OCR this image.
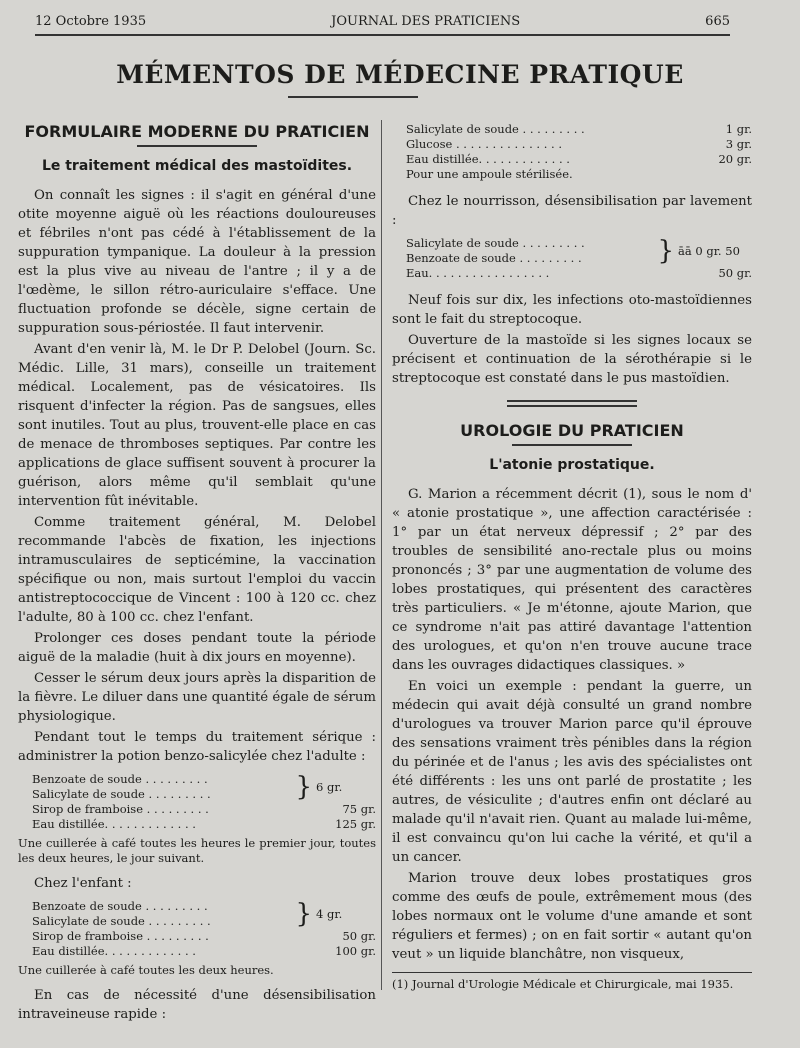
12 Octobre 1935	JOURNAL DES PRATICIENS	665
MÉMENTOS DE MÉDECINE PRATIQUE
FORMULAIRE MODERNE DU PRATICIEN
Le traitement médical des mastoïdites.

On connaît les signes : il s'agit en général d'une otite moyenne aiguë où les réactions douloureuses et fébriles n'ont pas cédé à l'établissement de la suppuration tympanique. La douleur à la pression est la plus vive au niveau de l'antre ; il y a de l'œdème, le sillon rétro-auriculaire s'efface. Une fluctuation profonde se décèle, signe certain de suppuration sous-périostée. Il faut intervenir.

Avant d'en venir là, M. le Dr P. Delobel (Journ. Sc. Médic. Lille, 31 mars), conseille un traitement médical. Localement, pas de vésicatoires. Ils risquent d'infecter la région. Pas de sangsues, elles sont inutiles. Tout au plus, trouvent-elle place en cas de menace de thromboses septiques. Par contre les applications de glace suffisent souvent à procurer la guérison, alors même qu'il semblait qu'une intervention fût inévitable.

Comme traitement général, M. Delobel recommande l'abcès de fixation, les injections intramusculaires de septicémine, la vaccination spécifique ou non, mais surtout l'emploi du vaccin antistreptococcique de Vincent : 100 à 120 cc. chez l'adulte, 80 à 100 cc. chez l'enfant.

Prolonger ces doses pendant toute la période aiguë de la maladie (huit à dix jours en moyenne).

Cesser le sérum deux jours après la disparition de la fièvre. Le diluer dans une quantité égale de sérum physiologique.

Pendant tout le temps du traitement sérique : administrer la potion benzo-salicylée chez l'adulte :

Benzoate de soude . . . . . . . . .
Salicylate de soude . . . . . . . . .	} 6 gr.
Sirop de framboise . . . . . . . . .	75 gr.
Eau distillée. . . . . . . . . . . . .	125 gr.
Une cuillerée à café toutes les heures le premier jour, toutes les deux heures, le jour suivant.

Chez l'enfant :

Benzoate de soude . . . . . . . . .
Salicylate de soude . . . . . . . . .	} 4 gr.
Sirop de framboise . . . . . . . . .	50 gr.
Eau distillée. . . . . . . . . . . . .	100 gr.
Une cuillerée à café toutes les deux heures.

En cas de nécessité d'une désensibilisation intraveineuse rapide :

Salicylate de soude . . . . . . . . .	1 gr.
Glucose . . . . . . . . . . . . . . .	3 gr.
Eau distillée. . . . . . . . . . . . .	20 gr.
Pour une ampoule stérilisée.

Chez le nourrisson, désensibilisation par lavement :

Salicylate de soude . . . . . . . . .
Benzoate de soude . . . . . . . . .	} āā 0 gr. 50
Eau. . . . . . . . . . . . . . . . .	50 gr.

Neuf fois sur dix, les infections oto-mastoïdiennes sont le fait du streptocoque.

Ouverture de la mastoïde si les signes locaux se précisent et continuation de la sérothérapie si le streptocoque est constaté dans le pus mastoïdien.

UROLOGIE DU PRATICIEN
L'atonie prostatique.

G. Marion a récemment décrit (1), sous le nom d' « atonie prostatique », une affection caractérisée : 1° par un état nerveux dépressif ; 2° par des troubles de sensibilité ano-rectale plus ou moins prononcés ; 3° par une augmentation de volume des lobes prostatiques, qui présentent des caractères très particuliers. « Je m'étonne, ajoute Marion, que ce syndrome n'ait pas attiré davantage l'attention des urologues, et qu'on n'en trouve aucune trace dans les ouvrages didactiques classiques. »

En voici un exemple : pendant la guerre, un médecin qui avait déjà consulté un grand nombre d'urologues va trouver Marion parce qu'il éprouve des sensations vraiment très pénibles dans la région du périnée et de l'anus ; les avis des spécialistes ont été différents : les uns ont parlé de prostatite ; les autres, de vésiculite ; d'autres enfin ont déclaré au malade qu'il n'avait rien. Quant au malade lui-même, il est convaincu qu'on lui cache la vérité, et qu'il a un cancer.

Marion trouve deux lobes prostatiques gros comme des œufs de poule, extrêmement mous (des lobes normaux ont le volume d'une amande et sont réguliers et fermes) ; on en fait sortir « autant qu'on veut » un liquide blanchâtre, non visqueux,

(1) Journal d'Urologie Médicale et Chirurgicale, mai 1935.
